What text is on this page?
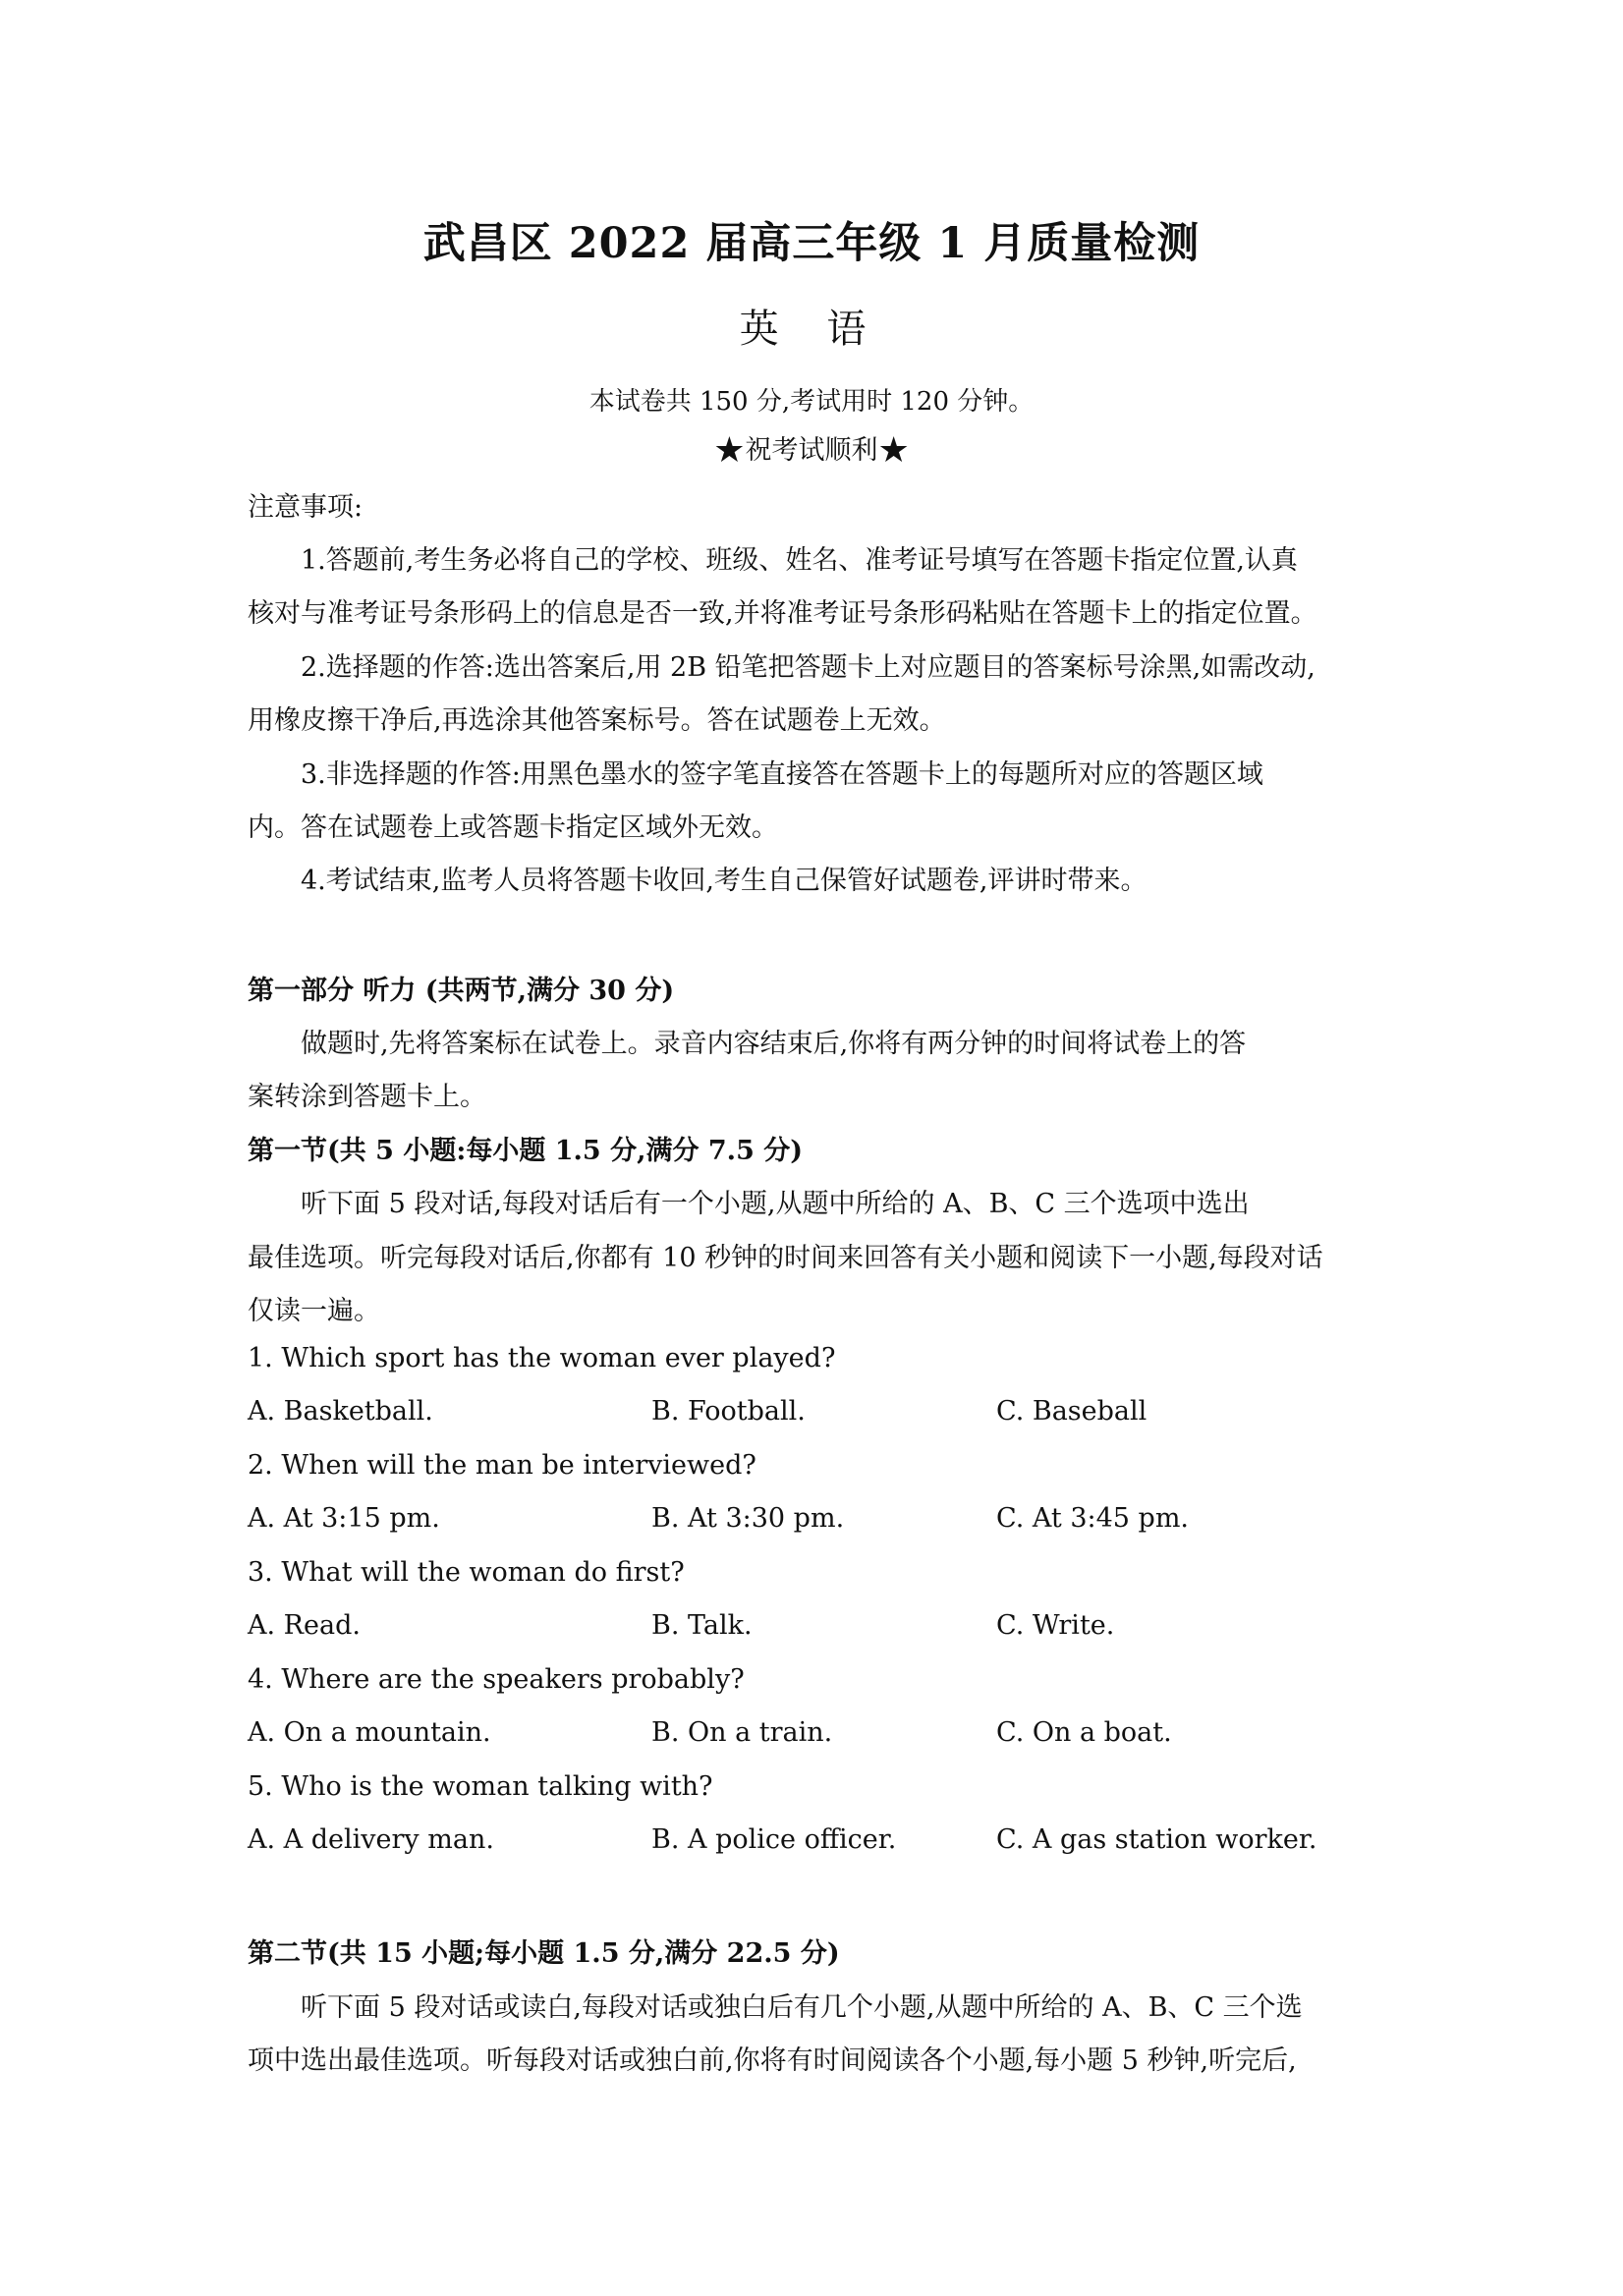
武昌区 2022 届高三年级 1 月质量检测
英 语
本试卷共 150 分,考试用时 120 分钟。
★祝考试顺利★
注意事项:
1.答题前,考生务必将自己的学校、班级、姓名、准考证号填写在答题卡指定位置,认真
核对与准考证号条形码上的信息是否一致,并将准考证号条形码粘贴在答题卡上的指定位置。
2.选择题的作答:选出答案后,用 2B 铅笔把答题卡上对应题目的答案标号涂黑,如需改动,
用橡皮擦干净后,再选涂其他答案标号。答在试题卷上无效。
3.非选择题的作答:用黑色墨水的签字笔直接答在答题卡上的每题所对应的答题区域
内。答在试题卷上或答题卡指定区域外无效。
4.考试结束,监考人员将答题卡收回,考生自己保管好试题卷,评讲时带来。
第一部分 听力 (共两节,满分 30 分)
做题时,先将答案标在试卷上。录音内容结束后,你将有两分钟的时间将试卷上的答
案转涂到答题卡上。
第一节(共 5 小题:每小题 1.5 分,满分 7.5 分)
听下面 5 段对话,每段对话后有一个小题,从题中所给的 A、B、C 三个选项中选出
最佳选项。听完每段对话后,你都有 10 秒钟的时间来回答有关小题和阅读下一小题,每段对话
仅读一遍。
1. Which sport has the woman ever played?
A. Basketball.	B. Football.	C. Baseball
2. When will the man be interviewed?
A. At 3:15 pm.	B. At 3:30 pm.	C. At 3:45 pm.
3. What will the woman do first?
A. Read.	B. Talk.	C. Write.
4. Where are the speakers probably?
A. On a mountain.	B. On a train.	C. On a boat.
5. Who is the woman talking with?
A. A delivery man.	B. A police officer.	C. A gas station worker.
第二节(共 15 小题;每小题 1.5 分,满分 22.5 分)
听下面 5 段对话或读白,每段对话或独白后有几个小题,从题中所给的 A、B、C 三个选
项中选出最佳选项。听每段对话或独白前,你将有时间阅读各个小题,每小题 5 秒钟,听完后,
